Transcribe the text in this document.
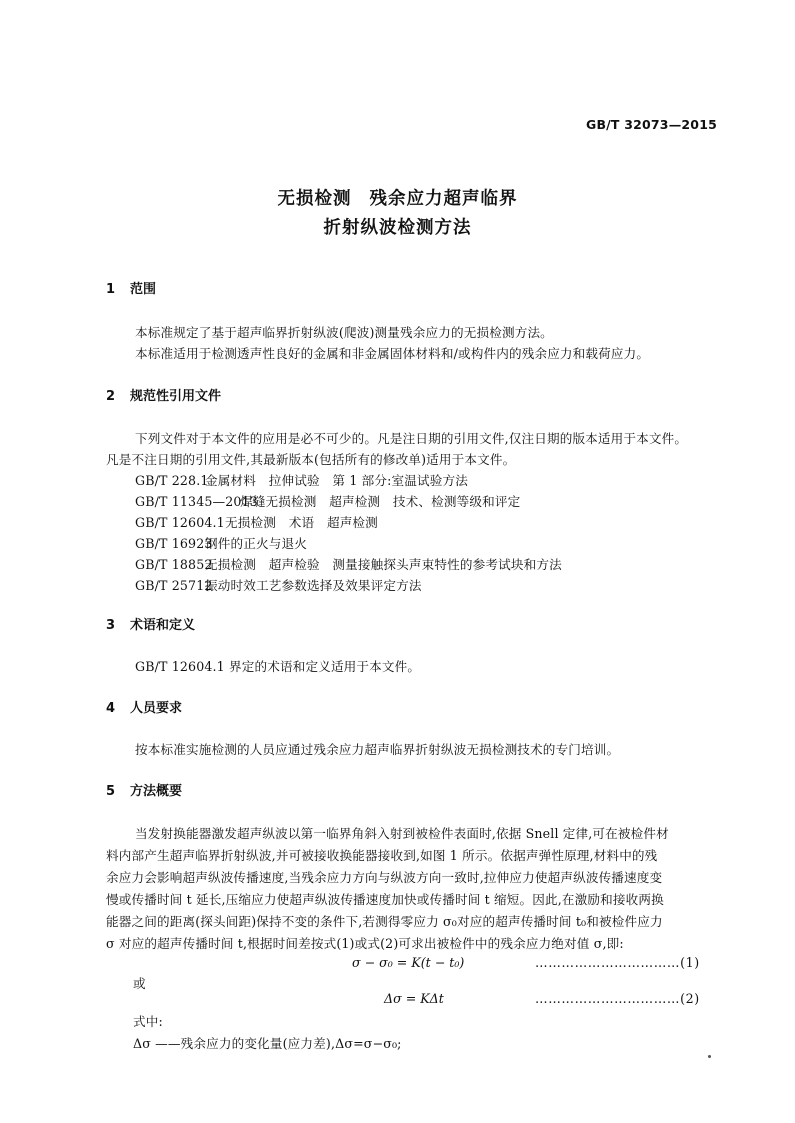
GB/T 32073—2015
无损检测 残余应力超声临界
折射纵波检测方法
1 范围
本标准规定了基于超声临界折射纵波(爬波)测量残余应力的无损检测方法。
本标准适用于检测透声性良好的金属和非金属固体材料和/或构件内的残余应力和载荷应力。
2 规范性引用文件
下列文件对于本文件的应用是必不可少的。凡是注日期的引用文件,仅注日期的版本适用于本文件。
凡是不注日期的引用文件,其最新版本(包括所有的修改单)适用于本文件。
GB/T 228.1金属材料　拉伸试验　第 1 部分:室温试验方法
GB/T 11345—2013焊缝无损检测　超声检测　技术、检测等级和评定
GB/T 12604.1无损检测　术语　超声检测
GB/T 16923钢件的正火与退火
GB/T 18852无损检测　超声检验　测量接触探头声束特性的参考试块和方法
GB/T 25712振动时效工艺参数选择及效果评定方法
3 术语和定义
GB/T 12604.1 界定的术语和定义适用于本文件。
4 人员要求
按本标准实施检测的人员应通过残余应力超声临界折射纵波无损检测技术的专门培训。
5 方法概要
当发射换能器激发超声纵波以第一临界角斜入射到被检件表面时,依据 Snell 定律,可在被检件材
料内部产生超声临界折射纵波,并可被接收换能器接收到,如图 1 所示。依据声弹性原理,材料中的残
余应力会影响超声纵波传播速度,当残余应力方向与纵波方向一致时,拉伸应力使超声纵波传播速度变
慢或传播时间 t 延长,压缩应力使超声纵波传播速度加快或传播时间 t 缩短。因此,在激励和接收两换
能器之间的距离(探头间距)保持不变的条件下,若测得零应力 σ₀对应的超声传播时间 t₀和被检件应力
σ 对应的超声传播时间 t,根据时间差按式(1)或式(2)可求出被检件中的残余应力绝对值 σ,即:
σ − σ₀ = K(t − t₀)	……………………………(1)
或
Δσ = KΔt	……………………………(2)
式中:
Δσ ——残余应力的变化量(应力差),Δσ=σ−σ₀;
